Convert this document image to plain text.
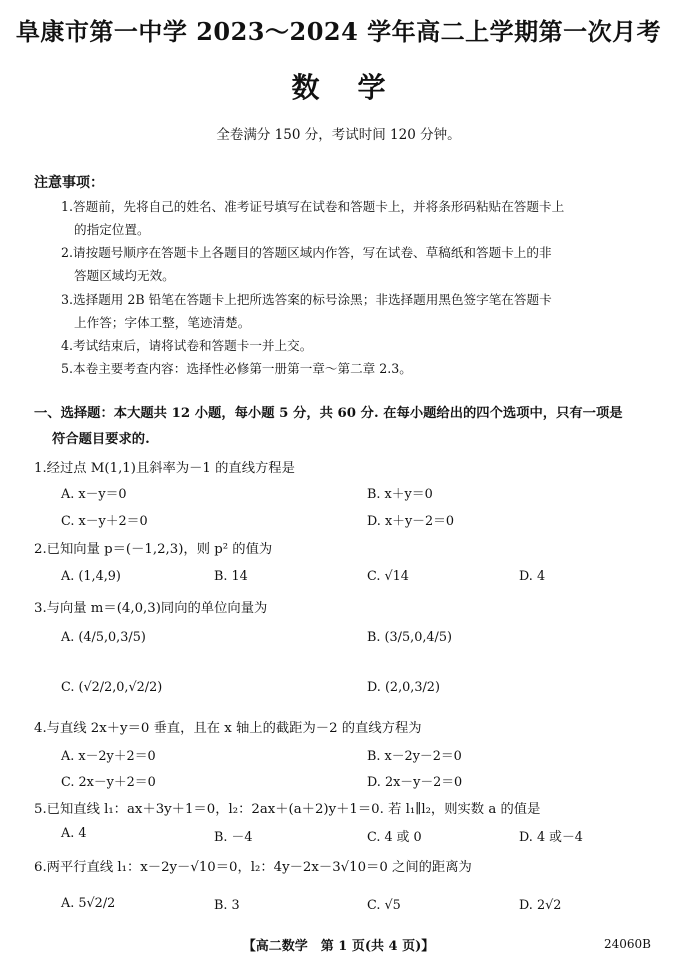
阜康市第一中学 2023～2024 学年高二上学期第一次月考
数学
全卷满分 150 分，考试时间 120 分钟。
注意事项：
1.答题前，先将自己的姓名、准考证号填写在试卷和答题卡上，并将条形码粘贴在答题卡上
的指定位置。
2.请按题号顺序在答题卡上各题目的答题区域内作答，写在试卷、草稿纸和答题卡上的非
答题区域均无效。
3.选择题用 2B 铅笔在答题卡上把所选答案的标号涂黑；非选择题用黑色签字笔在答题卡
上作答；字体工整，笔迹清楚。
4.考试结束后，请将试卷和答题卡一并上交。
5.本卷主要考查内容：选择性必修第一册第一章～第二章 2.3。
一、选择题：本大题共 12 小题，每小题 5 分，共 60 分. 在每小题给出的四个选项中，只有一项是
符合题目要求的.
1.经过点 M(1,1)且斜率为－1 的直线方程是
A. x－y＝0	B. x＋y＝0
C. x－y＋2＝0	D. x＋y－2＝0
2.已知向量 p＝(－1,2,3)，则 p² 的值为
A. (1,4,9)	B. 14	C. √14	D. 4
3.与向量 m＝(4,0,3)同向的单位向量为
A. (4/5,0,3/5)	B. (3/5,0,4/5)
C. (√2/2,0,√2/2)	D. (2,0,3/2)
4.与直线 2x＋y＝0 垂直，且在 x 轴上的截距为－2 的直线方程为
A. x－2y＋2＝0	B. x－2y－2＝0
C. 2x－y＋2＝0	D. 2x－y－2＝0
5.已知直线 l₁：ax＋3y＋1＝0，l₂：2ax＋(a＋2)y＋1＝0. 若 l₁∥l₂，则实数 a 的值是
A. 4	B. －4	C. 4 或 0	D. 4 或－4
6.两平行直线 l₁：x－2y－√10＝0，l₂：4y－2x－3√10＝0 之间的距离为
A. 5√2/2	B. 3	C. √5	D. 2√2
【高二数学　第 1 页(共 4 页)】	24060B
